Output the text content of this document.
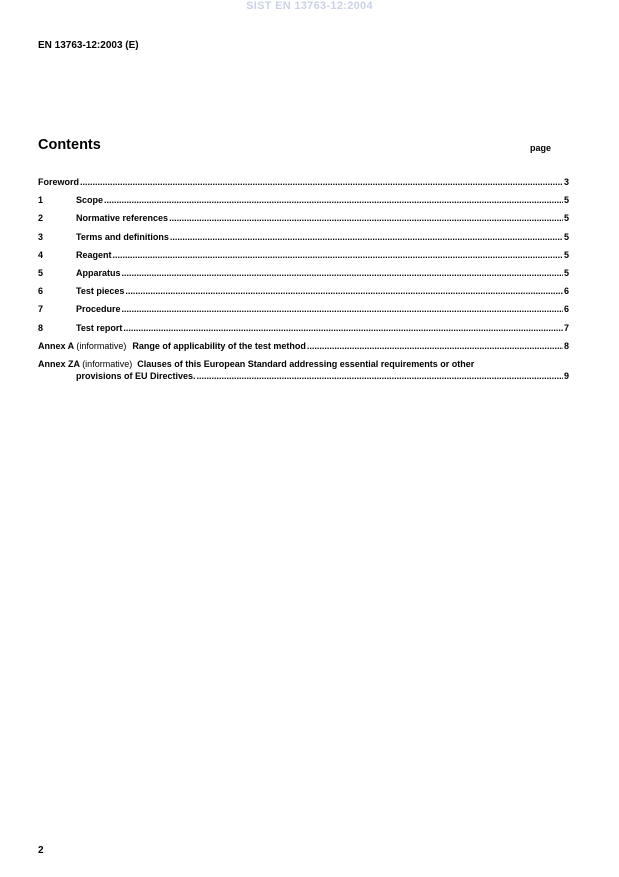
SIST EN 13763-12:2004
EN 13763-12:2003 (E)
Contents	page
Foreword .....	3
1	Scope .....	5
2	Normative references .....	5
3	Terms and definitions .....	5
4	Reagent .....	5
5	Apparatus .....	5
6	Test pieces .....	6
7	Procedure .....	6
8	Test report .....	7
Annex A (informative) Range of applicability of the test method .....	8
Annex ZA (informative) Clauses of this European Standard addressing essential requirements or other
provisions of EU Directives. .....	9
2
